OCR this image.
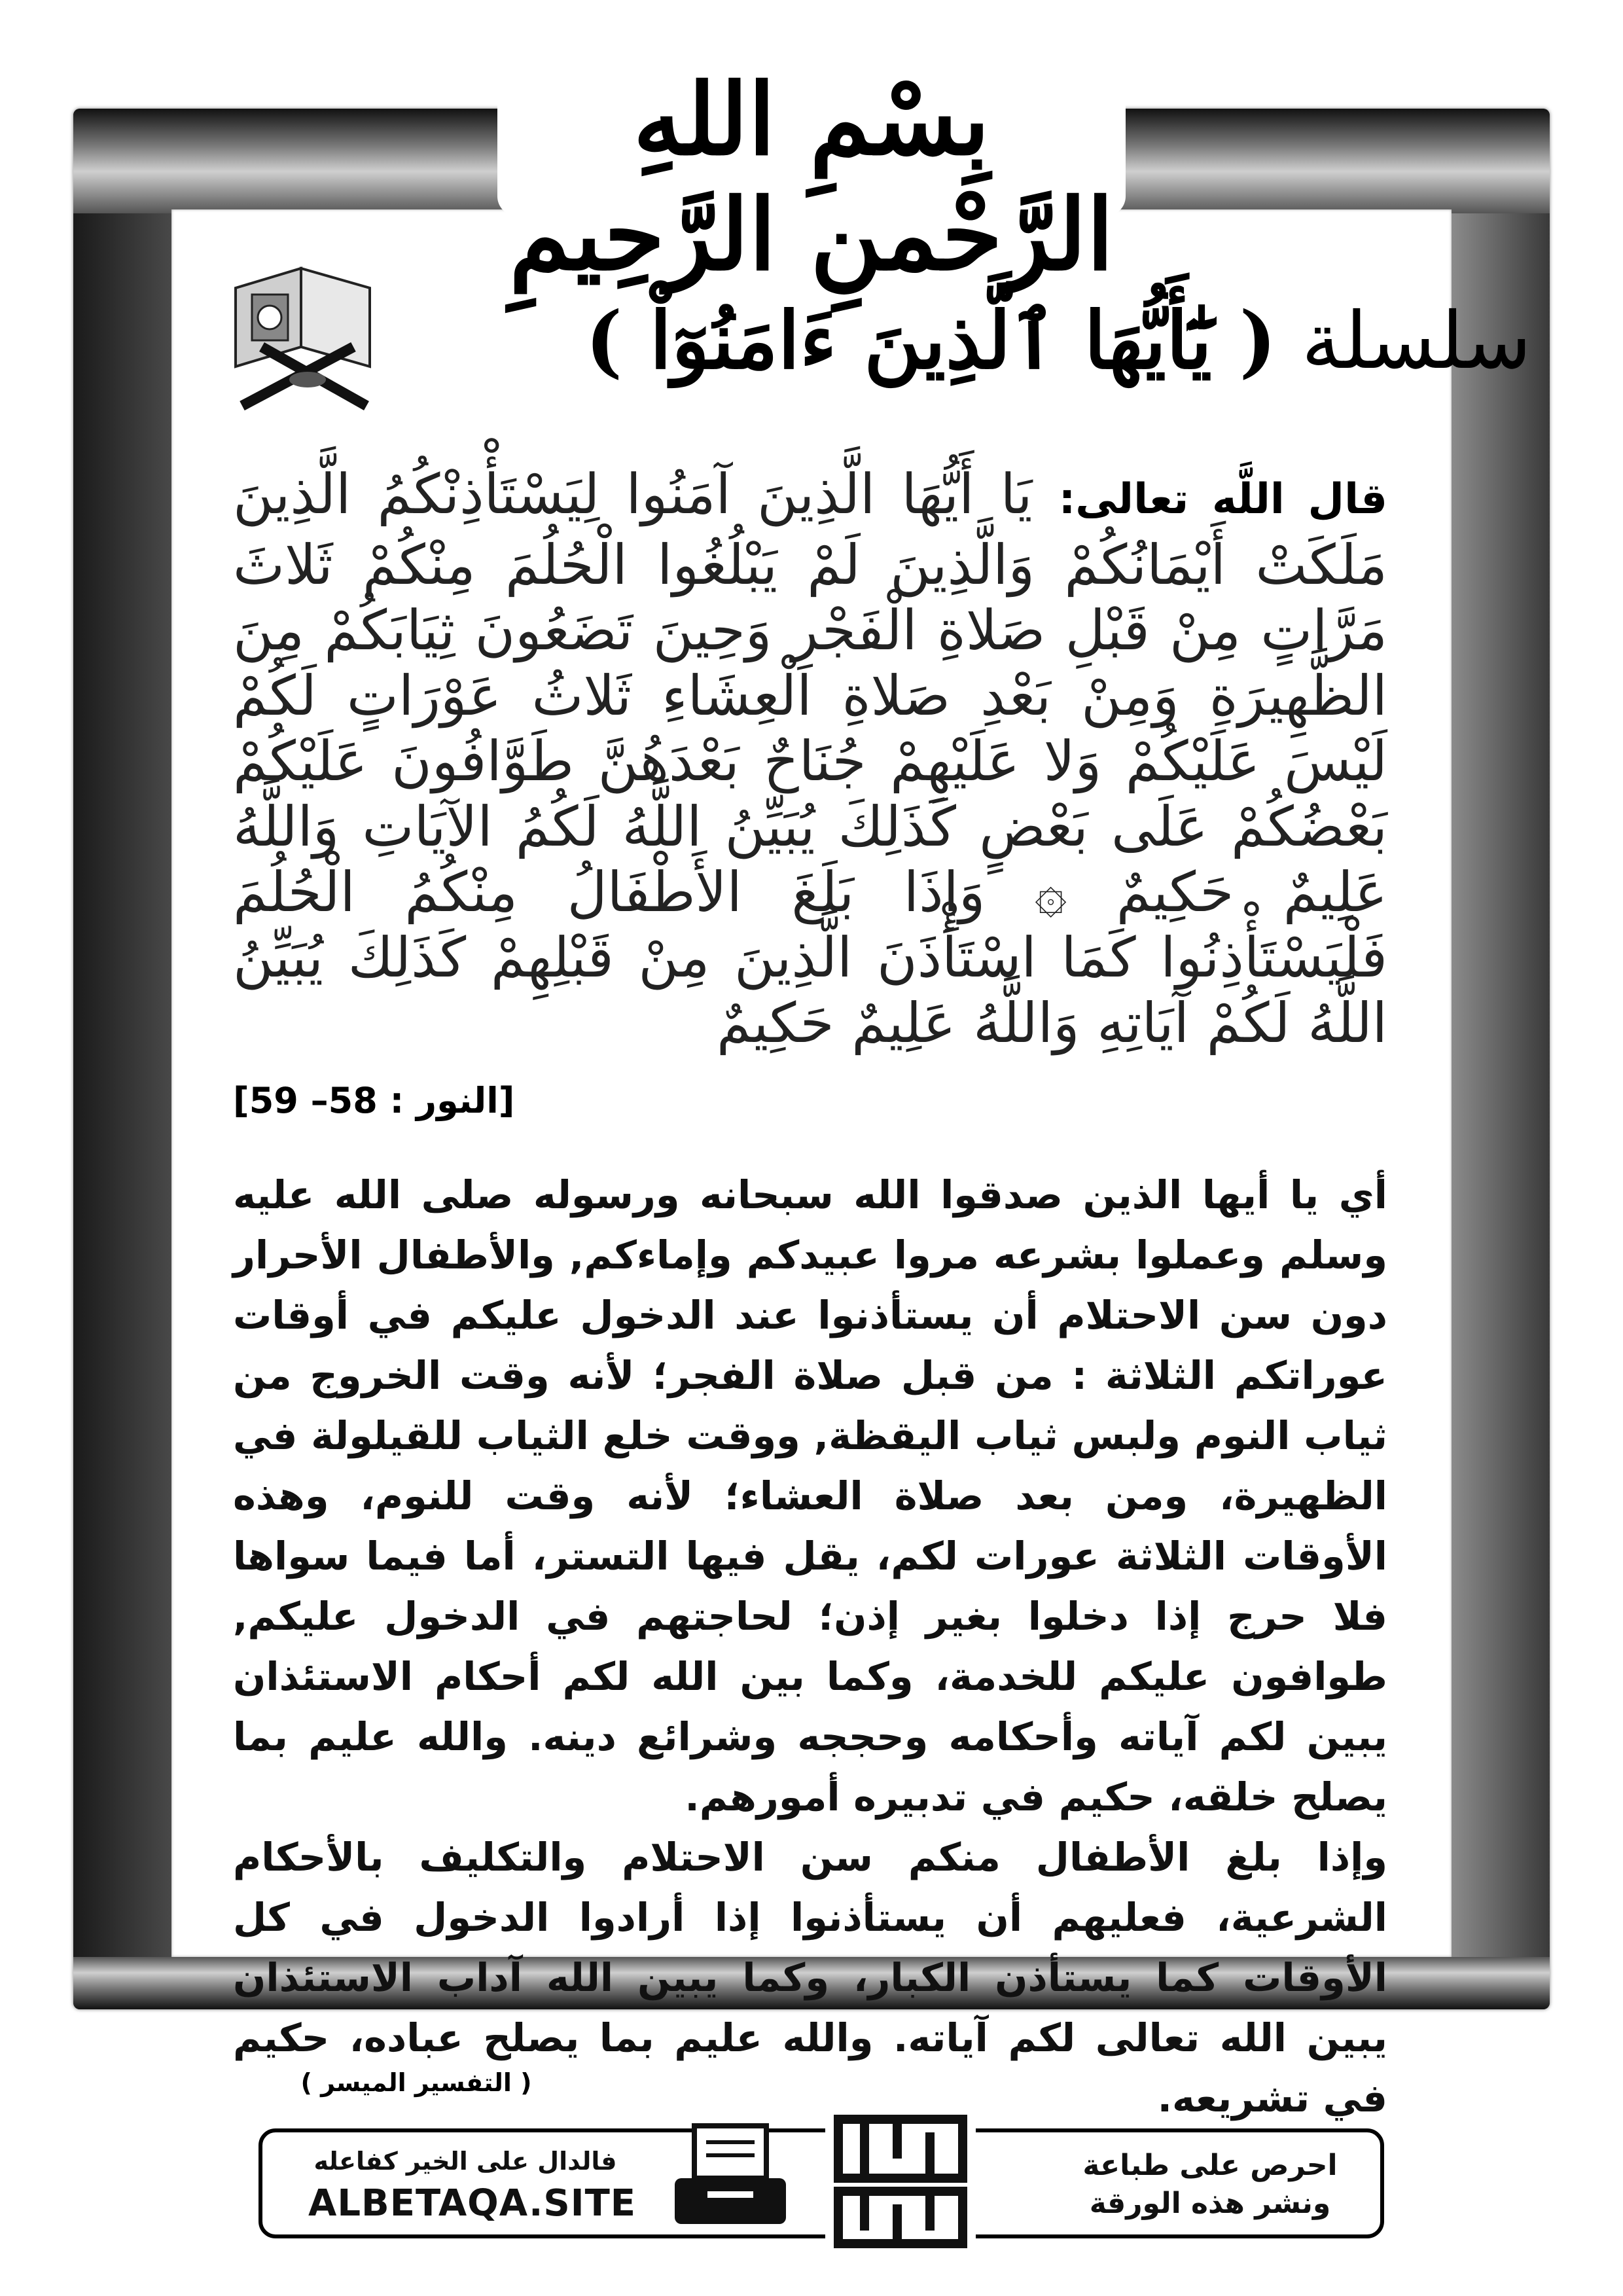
بِسْمِ اللهِ الرَّحْمنِ الرَّحِيمِ
سلسلة ( يَٰٓأَيُّهَا ٱلَّذِينَ ءَامَنُوٓاْ )
قال اللَّه تعالى: يَا أَيُّهَا الَّذِينَ آمَنُوا لِيَسْتَأْذِنْكُمُ الَّذِينَ مَلَكَتْ أَيْمَانُكُمْ وَالَّذِينَ لَمْ يَبْلُغُوا الْحُلُمَ مِنْكُمْ ثَلاثَ مَرَّاتٍ مِنْ قَبْلِ صَلاةِ الْفَجْرِ وَحِينَ تَضَعُونَ ثِيَابَكُمْ مِنَ الظَّهِيرَةِ وَمِنْ بَعْدِ صَلاةِ الْعِشَاءِ ثَلاثُ عَوْرَاتٍ لَكُمْ لَيْسَ عَلَيْكُمْ وَلا عَلَيْهِمْ جُنَاحٌ بَعْدَهُنَّ طَوَّافُونَ عَلَيْكُمْ بَعْضُكُمْ عَلَى بَعْضٍ كَذَلِكَ يُبَيِّنُ اللَّهُ لَكُمُ الآيَاتِ وَاللَّهُ عَلِيمٌ حَكِيمٌ ۞ وَإِذَا بَلَغَ الأَطْفَالُ مِنْكُمُ الْحُلُمَ فَلْيَسْتَأْذِنُوا كَمَا اسْتَأْذَنَ الَّذِينَ مِنْ قَبْلِهِمْ كَذَلِكَ يُبَيِّنُ اللَّهُ لَكُمْ آيَاتِهِ وَاللَّهُ عَلِيمٌ حَكِيمٌ
[النور : 58– 59]

أي يا أيها الذين صدقوا الله سبحانه ورسوله صلى الله عليه وسلم وعملوا بشرعه مروا عبيدكم وإماءكم, والأطفال الأحرار دون سن الاحتلام أن يستأذنوا عند الدخول عليكم في أوقات عوراتكم الثلاثة : من قبل صلاة الفجر؛ لأنه وقت الخروج من ثياب النوم ولبس ثياب اليقظة, ووقت خلع الثياب للقيلولة في الظهيرة، ومن بعد صلاة العشاء؛ لأنه وقت للنوم، وهذه الأوقات الثلاثة عورات لكم، يقل فيها التستر، أما فيما سواها فلا حرج إذا دخلوا بغير إذن؛ لحاجتهم في الدخول عليكم, طوافون عليكم للخدمة، وكما بين الله لكم أحكام الاستئذان يبين لكم آياته وأحكامه وحججه وشرائع دينه. والله عليم بما يصلح خلقه، حكيم في تدبيره أمورهم.

وإذا بلغ الأطفال منكم سن الاحتلام والتكليف بالأحكام الشرعية، فعليهم أن يستأذنوا إذا أرادوا الدخول في كل الأوقات كما يستأذن الكبار، وكما يبين الله آداب الاستئذان يبين الله تعالى لكم آياته. والله عليم بما يصلح عباده، حكيم في تشريعه.

( التفسير الميسر )
احرص على طباعة
ونشر هذه الورقة
دعوة الورقة
فالدال على الخير كفاعله
ALBETAQA.SITE
